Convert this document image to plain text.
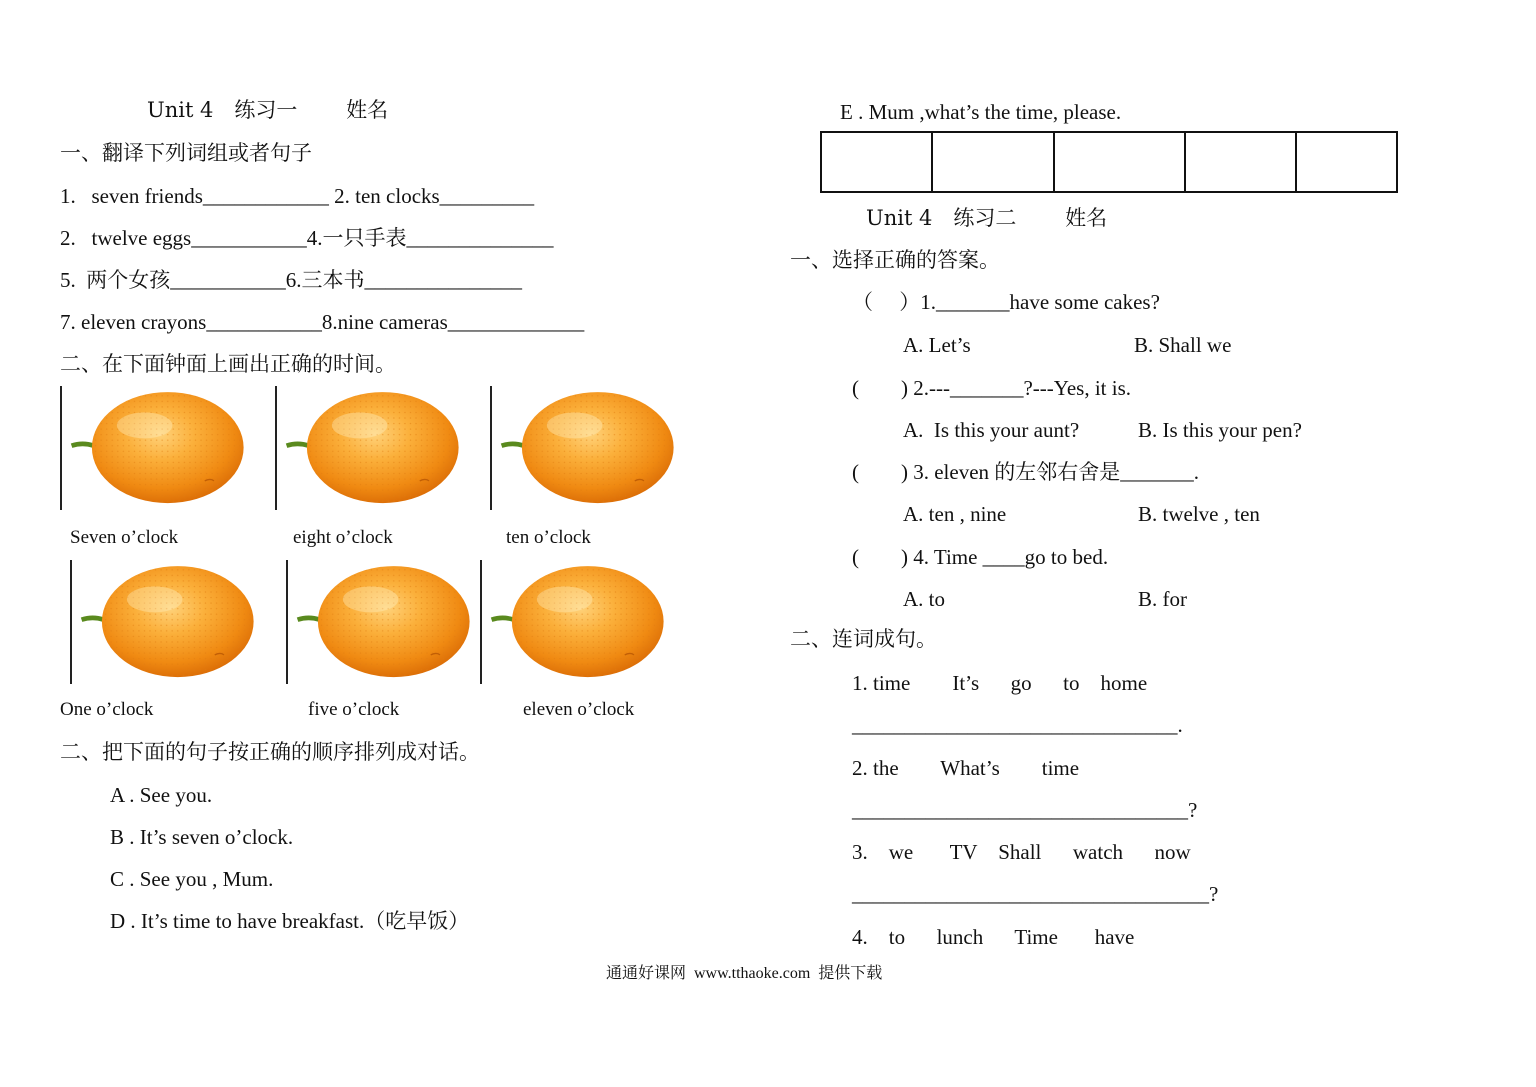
Unit 4　练习一　　 姓名
一、翻译下列词组或者句子
1.   seven friends____________ 2. ten clocks_________
2.   twelve eggs___________4.一只手表______________
5.  两个女孩___________6.三本书_______________
7. eleven crayons___________8.nine cameras_____________
二、在下面钟面上画出正确的时间。
Seven o’clock	eight o’clock	ten o’clock
One o’clock	five o’clock	eleven o’clock
二、把下面的句子按正确的顺序排列成对话。
A . See you.
B . It’s seven o’clock.
C . See you , Mum.
D . It’s time to have breakfast.（吃早饭）
E . Mum ,what’s the time, please.

Unit 4　练习二　　 姓名
一、选择正确的答案。
（　 ）1._______have some cakes?
A. Let’s	B. Shall we
(　　) 2.---_______?---Yes, it is.
A.  Is this your aunt?	B. Is this your pen?
(　　) 3. eleven 的左邻右舍是_______.
A. ten , nine	B. twelve , ten
(　　) 4. Time ____go to bed.
A. to	B. for
二、连词成句。
1. time        It’s      go      to    home
_______________________________.
2. the        What’s        time
________________________________?
3.    we       TV    Shall      watch      now
__________________________________?
4.    to      lunch      Time       have
通通好课网  www.tthaoke.com  提供下载
